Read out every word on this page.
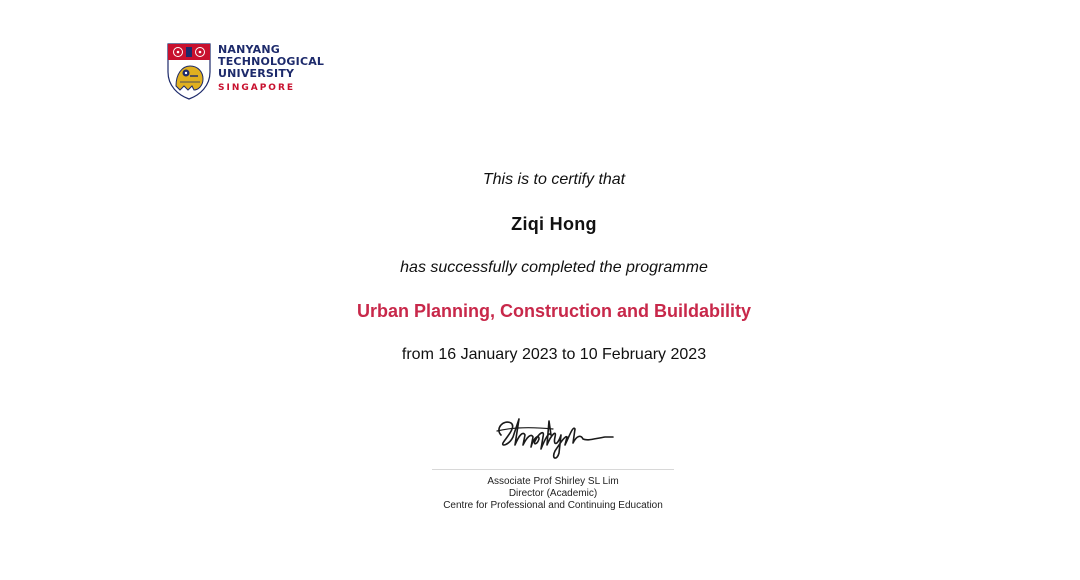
NANYANG
TECHNOLOGICAL
UNIVERSITY
SINGAPORE
This is to certify that
Ziqi Hong
has successfully completed the programme
Urban Planning, Construction and Buildability
from 16 January 2023 to 10 February 2023
Associate Prof Shirley SL Lim
Director (Academic)
Centre for Professional and Continuing Education
